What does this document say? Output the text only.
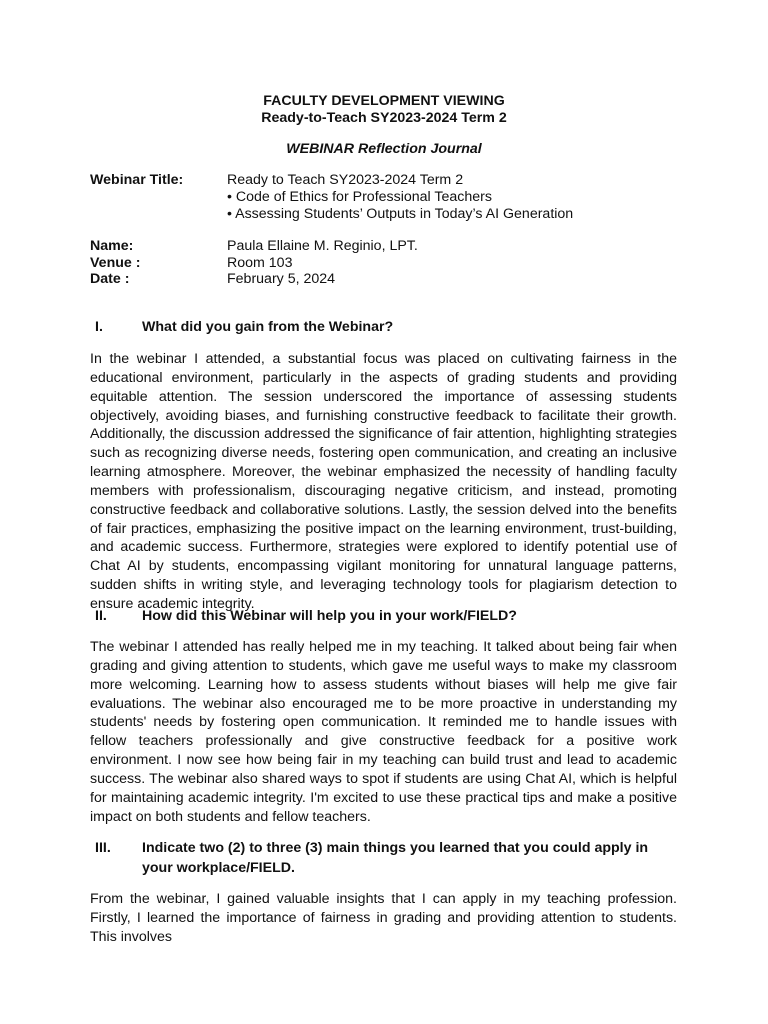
FACULTY DEVELOPMENT VIEWING
Ready-to-Teach SY2023-2024 Term 2
WEBINAR Reflection Journal
Webinar Title:	Ready to Teach SY2023-2024 Term 2
• Code of Ethics for Professional Teachers
• Assessing Students’ Outputs in Today’s AI Generation
Name:	Paula Ellaine M. Reginio, LPT.
Venue :	Room 103
Date :	February 5, 2024
I.	What did you gain from the Webinar?
In the webinar I attended, a substantial focus was placed on cultivating fairness in the educational environment, particularly in the aspects of grading students and providing equitable attention. The session underscored the importance of assessing students objectively, avoiding biases, and furnishing constructive feedback to facilitate their growth. Additionally, the discussion addressed the significance of fair attention, highlighting strategies such as recognizing diverse needs, fostering open communication, and creating an inclusive learning atmosphere. Moreover, the webinar emphasized the necessity of handling faculty members with professionalism, discouraging negative criticism, and instead, promoting constructive feedback and collaborative solutions. Lastly, the session delved into the benefits of fair practices, emphasizing the positive impact on the learning environment, trust-building, and academic success. Furthermore, strategies were explored to identify potential use of Chat AI by students, encompassing vigilant monitoring for unnatural language patterns, sudden shifts in writing style, and leveraging technology tools for plagiarism detection to ensure academic integrity.
II. How did this Webinar will help you in your work/FIELD?
The webinar I attended has really helped me in my teaching. It talked about being fair when grading and giving attention to students, which gave me useful ways to make my classroom more welcoming. Learning how to assess students without biases will help me give fair evaluations. The webinar also encouraged me to be more proactive in understanding my students' needs by fostering open communication. It reminded me to handle issues with fellow teachers professionally and give constructive feedback for a positive work environment. I now see how being fair in my teaching can build trust and lead to academic success. The webinar also shared ways to spot if students are using Chat AI, which is helpful for maintaining academic integrity. I'm excited to use these practical tips and make a positive impact on both students and fellow teachers.
III. Indicate two (2) to three (3) main things you learned that you could apply in your workplace/FIELD.
From the webinar, I gained valuable insights that I can apply in my teaching profession. Firstly, I learned the importance of fairness in grading and providing attention to students. This involves
